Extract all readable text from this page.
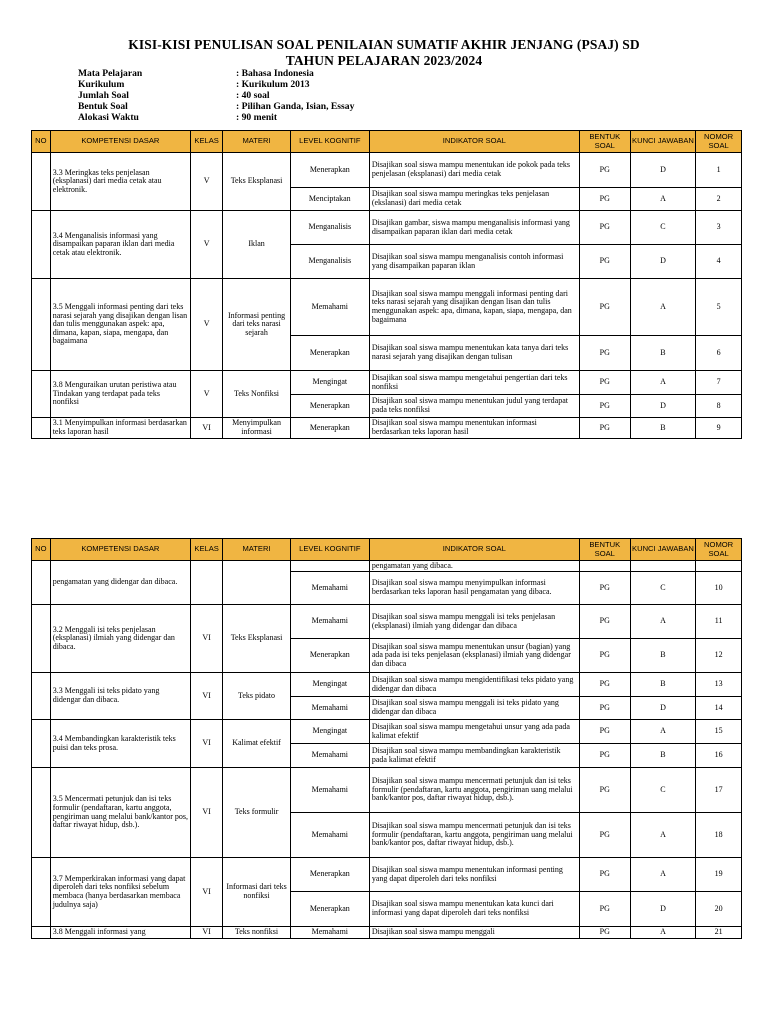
KISI-KISI PENULISAN SOAL PENILAIAN SUMATIF AKHIR JENJANG (PSAJ) SD
TAHUN PELAJARAN 2023/2024
Mata Pelajaran	: Bahasa Indonesia
Kurikulum	: Kurikulum 2013
Jumlah Soal	: 40 soal
Bentuk Soal	: Pilihan Ganda, Isian, Essay
Alokasi Waktu	: 90 menit
NO	KOMPETENSI DASAR	KELAS	MATERI	LEVEL KOGNITIF	INDIKATOR SOAL	BENTUK SOAL	KUNCI JAWABAN	NOMOR SOAL
	3.3 Meringkas teks penjelasan (eksplanasi) dari media cetak atau elektronik.	V	Teks Eksplanasi	Menerapkan	Disajikan soal siswa mampu menentukan ide pokok pada teks penjelasan (eksplanasi) dari media cetak	PG	D	1
				Menciptakan	Disajikan soal siswa mampu meringkas teks penjelasan (ekslanasi) dari media cetak	PG	A	2
	3.4 Menganalisis informasi yang disampaikan paparan iklan dari media cetak atau elektronik.	V	Iklan	Menganalisis	Disajikan gambar, siswa mampu menganalisis informasi yang disampaikan paparan iklan dari media cetak	PG	C	3
				Menganalisis	Disajikan soal siswa mampu menganalisis contoh informasi yang disampaikan paparan iklan	PG	D	4
	3.5 Menggali informasi penting dari teks narasi sejarah yang disajikan dengan lisan dan tulis menggunakan aspek: apa, dimana, kapan, siapa, mengapa, dan bagaimana	V	Informasi penting dari teks narasi sejarah	Memahami	Disajikan soal siswa mampu menggali informasi penting dari teks narasi sejarah yang disajikan dengan lisan dan tulis menggunakan aspek: apa, dimana, kapan, siapa, mengapa, dan bagaimana	PG	A	5
				Menerapkan	Disajikan soal siswa mampu menentukan kata tanya dari teks narasi sejarah yang disajikan dengan tulisan	PG	B	6
	3.8 Menguraikan urutan peristiwa atau Tindakan yang terdapat pada teks nonfiksi	V	Teks Nonfiksi	Mengingat	Disajikan soal siswa mampu mengetahui pengertian dari teks nonfiksi	PG	A	7
				Menerapkan	Disajikan soal siswa mampu menentukan judul yang terdapat pada teks nonfiksi	PG	D	8
	3.1 Menyimpulkan informasi berdasarkan teks laporan hasil	VI	Menyimpulkan informasi	Menerapkan	Disajikan soal siswa mampu menentukan informasi berdasarkan teks laporan hasil	PG	B	9
NO	KOMPETENSI DASAR	KELAS	MATERI	LEVEL KOGNITIF	INDIKATOR SOAL	BENTUK SOAL	KUNCI JAWABAN	NOMOR SOAL
	pengamatan yang didengar dan dibaca.				pengamatan yang dibaca.			
				Memahami	Disajikan soal siswa mampu menyimpulkan informasi berdasarkan teks laporan hasil pengamatan yang dibaca.	PG	C	10
	3.2 Menggali isi teks penjelasan (eksplanasi) ilmiah yang didengar dan dibaca.	VI	Teks Eksplanasi	Memahami	Disajikan soal siswa mampu menggali isi teks penjelasan (eksplanasi) ilmiah yang didengar dan dibaca	PG	A	11
				Menerapkan	Disajikan soal siswa mampu menentukan unsur (bagian) yang ada pada isi teks penjelasan (eksplanasi) ilmiah yang didengar dan dibaca	PG	B	12
	3.3 Menggali isi teks pidato yang didengar dan dibaca.	VI	Teks pidato	Mengingat	Disajikan soal siswa mampu mengidentifikasi teks pidato yang didengar dan dibaca	PG	B	13
				Memahami	Disajikan soal siswa mampu menggali isi teks pidato yang didengar dan dibaca	PG	D	14
	3.4 Membandingkan karakteristik teks puisi dan teks prosa.	VI	Kalimat efektif	Mengingat	Disajikan soal siswa mampu mengetahui unsur yang ada pada kalimat efektif	PG	A	15
				Memahami	Disajikan soal siswa mampu membandingkan karakteristik pada kalimat efektif	PG	B	16
	3.5 Mencermati petunjuk dan isi teks formulir (pendaftaran, kartu anggota, pengiriman uang melalui bank/kantor pos, daftar riwayat hidup, dsb.).	VI	Teks formulir	Memahami	Disajikan soal siswa mampu mencermati petunjuk dan isi teks formulir (pendaftaran, kartu anggota, pengiriman uang melalui bank/kantor pos, daftar riwayat hidup, dsb.).	PG	C	17
				Memahami	Disajikan soal siswa mampu mencermati petunjuk dan isi teks formulir (pendaftaran, kartu anggota, pengiriman uang melalui bank/kantor pos, daftar riwayat hidup, dsb.).	PG	A	18
	3.7 Memperkirakan informasi yang dapat diperoleh dari teks nonfiksi sebelum membaca (hanya berdasarkan membaca judulnya saja)	VI	Informasi dari teks nonfiksi	Menerapkan	Disajikan soal siswa mampu menentukan informasi penting yang dapat diperoleh dari teks nonfiksi	PG	A	19
				Menerapkan	Disajikan soal siswa mampu menentukan kata kunci dari informasi yang dapat diperoleh dari teks nonfiksi	PG	D	20
	3.8 Menggali informasi yang	VI	Teks nonfiksi	Memahami	Disajikan soal siswa mampu menggali	PG	A	21
